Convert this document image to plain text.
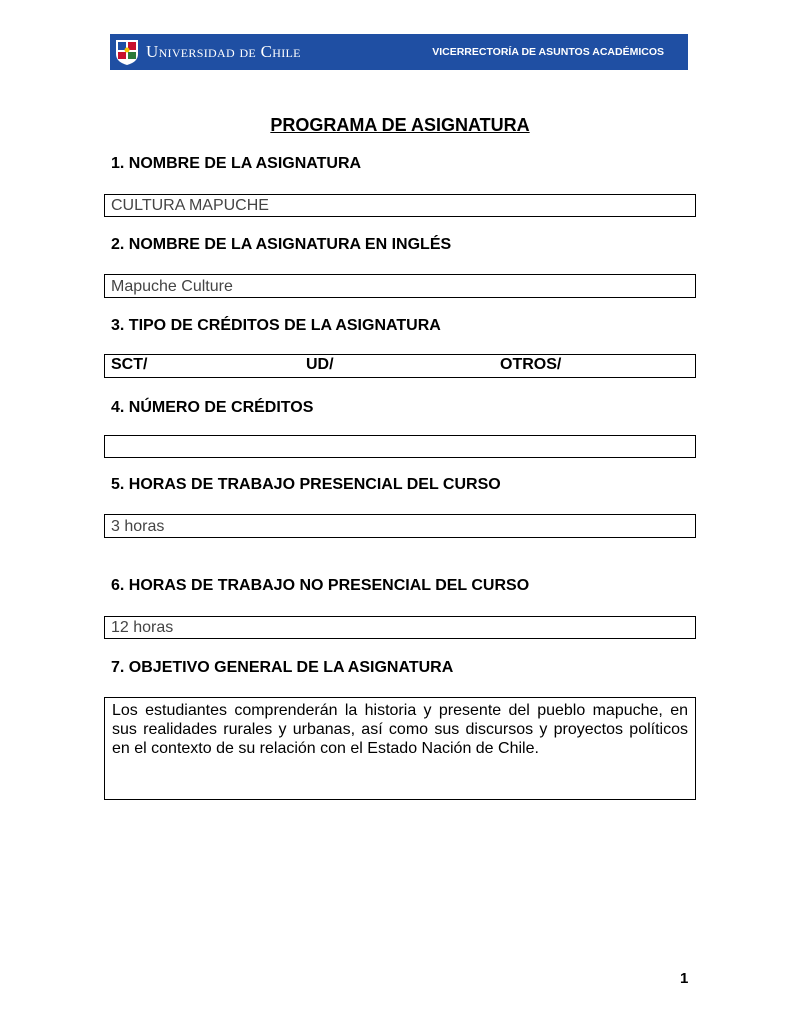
Universidad de Chile	VICERRECTORÍA DE ASUNTOS ACADÉMICOS
PROGRAMA DE ASIGNATURA
1. NOMBRE DE LA ASIGNATURA
CULTURA MAPUCHE
2. NOMBRE DE LA ASIGNATURA EN INGLÉS
Mapuche Culture
3. TIPO DE CRÉDITOS DE LA ASIGNATURA
SCT/	UD/	OTROS/
4. NÚMERO DE CRÉDITOS
5. HORAS DE TRABAJO PRESENCIAL DEL CURSO
3 horas
6. HORAS DE TRABAJO NO PRESENCIAL DEL CURSO
12 horas
7. OBJETIVO GENERAL DE LA ASIGNATURA
Los estudiantes comprenderán la historia y presente del pueblo mapuche, en sus realidades rurales y urbanas, así como sus discursos y proyectos políticos en el contexto de su relación con el Estado Nación de Chile.
1
